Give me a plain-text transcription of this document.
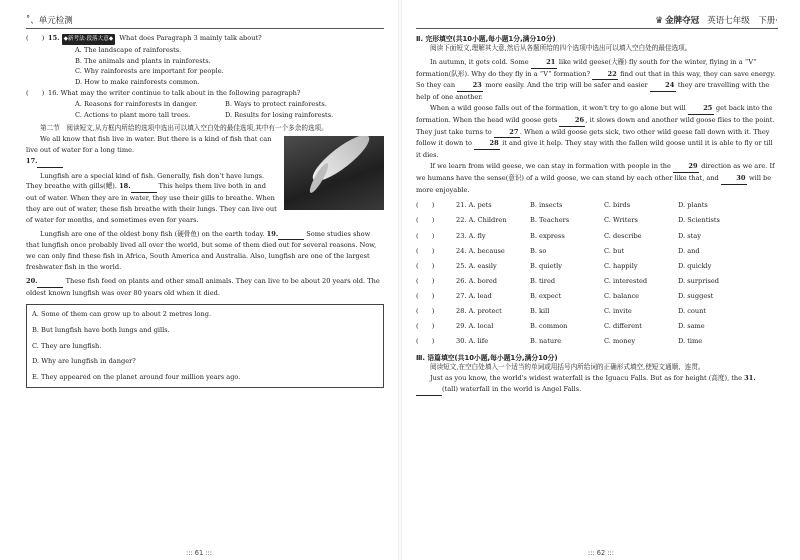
˚、单元检测
(　　) 15. ◆新考法·段落大意◆ What does Paragraph 3 mainly talk about?
A. The landscape of rainforests.
B. The animals and plants in rainforests.
C. Why rainforests are important for people.
D. How to make rainforests common.
(　　) 16. What may the writer continue to talk about in the following paragraph?
A. Reasons for rainforests in danger.	B. Ways to protect rainforests.
C. Actions to plant more tall trees.	D. Results for losing rainforests.
第二节　阅读短文,从方框内所给的选项中选出可以填入空白处的最佳选项,其中有一个多余的选项。
We all know that fish live in water. But there is a kind of fish that can live out of water for a long time.
17.
Lungfish are a special kind of fish. Generally, fish don't have lungs. They breathe with gills(鳃). 18.	This helps them live both in and out of water. When they are in water, they use their gills to breathe. When they are out of water, these fish breathe with their lungs. They can live out of water for months, and sometimes even for years.
Lungfish are one of the oldest bony fish (硬骨鱼) on the earth today. 19.	Some studies show that lungfish once probably lived all over the world, but some of them died out for several reasons. Now, we can only find these fish in Africa, South America and Australia. Also, lungfish are one of the largest freshwater fish in the world.
20.	These fish feed on plants and other small animals. They can live to be about 20 years old. The oldest known lungfish was over 80 years old when it died.
A. Some of them can grow up to about 2 metres long.
B. But lungfish have both lungs and gills.
C. They are lungfish.
D. Why are lungfish in danger?
E. They appeared on the planet around four million years ago.
::: 61 :::
♛ 金牌夺冠 英语七年级　下册·
Ⅱ. 完形填空(共10小题,每小题1分,满分10分)
阅读下面短文,理解其大意,然后从各题所给的四个选项中选出可以填入空白处的最佳选项。
In autumn, it gets cold. Some 21 like wild geese(大雁) fly south for the winter, flying in a “V” formation(队形). Why do they fly in a “V” formation? 22 find out that in this way, they can save energy. So they can 23 more easily. And the trip will be safer and easier 24 they are travelling with the help of one another.
When a wild goose falls out of the formation, it won't try to go alone but will 25 get back into the formation. When the head wild goose gets 26, it slows down and another wild goose flies to the point. They just take turns to 27. When a wild goose gets sick, two other wild geese fall down with it. They follow it down to 28 it and give it help. They stay with the fallen wild goose until it is able to fly or till it dies.
If we learn from wild geese, we can stay in formation with people in the 29 direction as we are. If we humans have the sense(意识) of a wild goose, we can stand by each other like that, and 30 will be more enjoyable.
(　　)	21. A. pets	B. insects	C. birds	D. plants
(　　)	22. A. Children	B. Teachers	C. Writers	D. Scientists
(　　)	23. A. fly	B. express	C. describe	D. stay
(　　)	24. A. because	B. so	C. but	D. and
(　　)	25. A. easily	B. quietly	C. happily	D. quickly
(　　)	26. A. bored	B. tired	C. interested	D. surprised
(　　)	27. A. lead	B. expect	C. balance	D. suggest
(　　)	28. A. protect	B. kill	C. invite	D. count
(　　)	29. A. local	B. common	C. different	D. same
(　　)	30. A. life	B. nature	C. money	D. time
Ⅲ. 语篇填空(共10小题,每小题1分,满分10分)
阅读短文,在空白处填入一个适当的单词或用括号内所给词的正确形式填空,使短文通顺、连贯。
Just as you know, the world's widest waterfall is the Iguacu Falls. But as for height (高度), the 31. (tall) waterfall in the world is Angel Falls.
::: 62 :::
